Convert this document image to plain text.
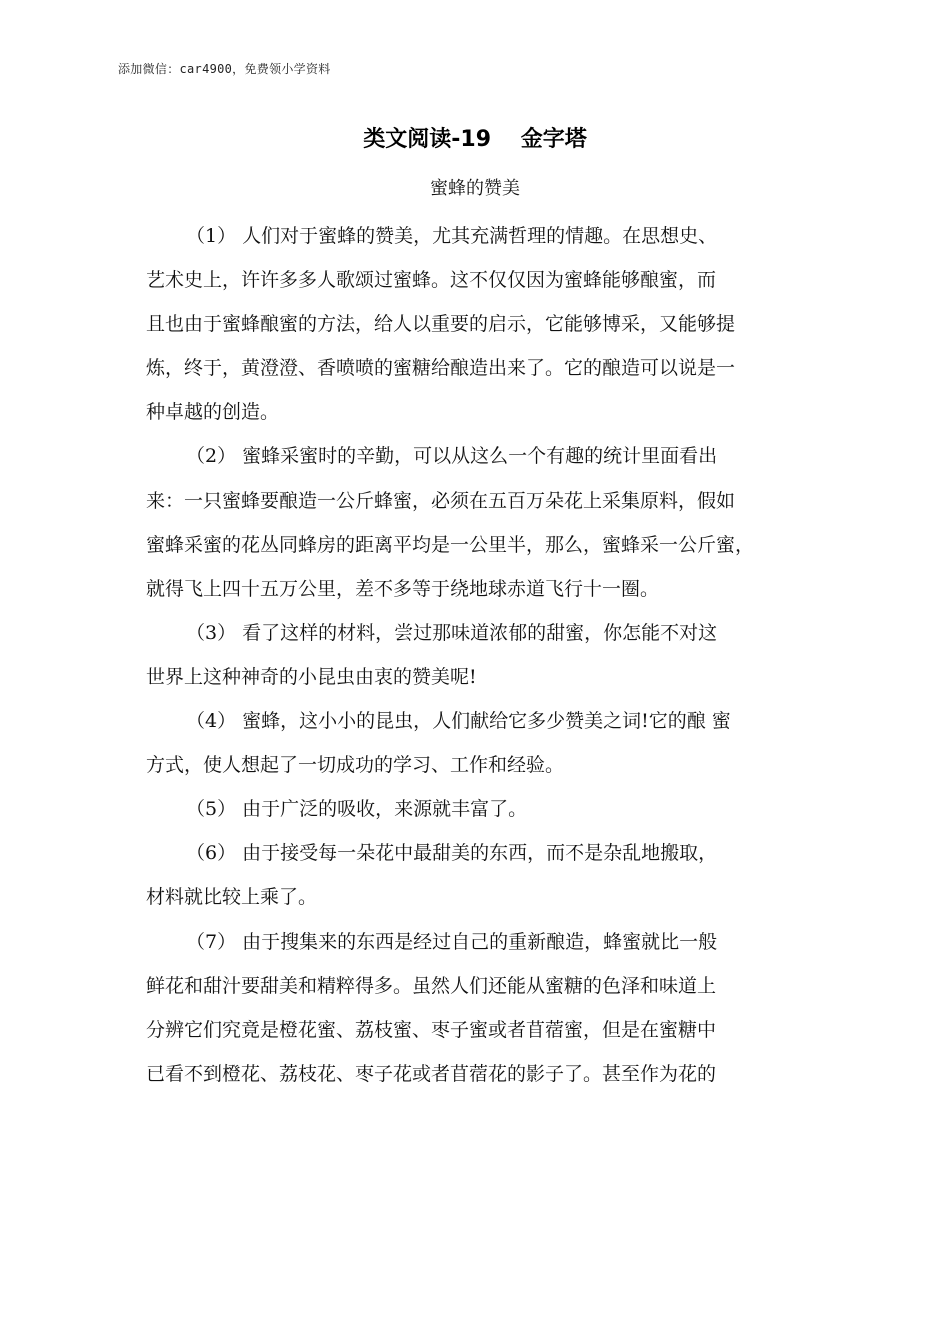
添加微信：car4900，免费领小学资料
类文阅读-19　 金字塔
蜜蜂的赞美
（1） 人们对于蜜蜂的赞美，尤其充满哲理的情趣。在思想史、
艺术史上，许许多多人歌颂过蜜蜂。这不仅仅因为蜜蜂能够酿蜜，而
且也由于蜜蜂酿蜜的方法，给人以重要的启示，它能够博采，又能够提
炼，终于，黄澄澄、香喷喷的蜜糖给酿造出来了。它的酿造可以说是一
种卓越的创造。
（2） 蜜蜂采蜜时的辛勤，可以从这么一个有趣的统计里面看出
来：一只蜜蜂要酿造一公斤蜂蜜，必须在五百万朵花上采集原料，假如
蜜蜂采蜜的花丛同蜂房的距离平均是一公里半，那么，蜜蜂采一公斤蜜，
就得飞上四十五万公里，差不多等于绕地球赤道飞行十一圈。
（3） 看了这样的材料，尝过那味道浓郁的甜蜜，你怎能不对这
世界上这种神奇的小昆虫由衷的赞美呢!
（4） 蜜蜂，这小小的昆虫，人们献给它多少赞美之词!它的酿 蜜
方式，使人想起了一切成功的学习、工作和经验。
（5） 由于广泛的吸收，来源就丰富了。
（6） 由于接受每一朵花中最甜美的东西，而不是杂乱地搬取，
材料就比较上乘了。
（7） 由于搜集来的东西是经过自己的重新酿造，蜂蜜就比一般
鲜花和甜汁要甜美和精粹得多。虽然人们还能从蜜糖的色泽和味道上
分辨它们究竟是橙花蜜、荔枝蜜、枣子蜜或者苜蓿蜜，但是在蜜糖中
已看不到橙花、荔枝花、枣子花或者苜蓿花的影子了。甚至作为花的
